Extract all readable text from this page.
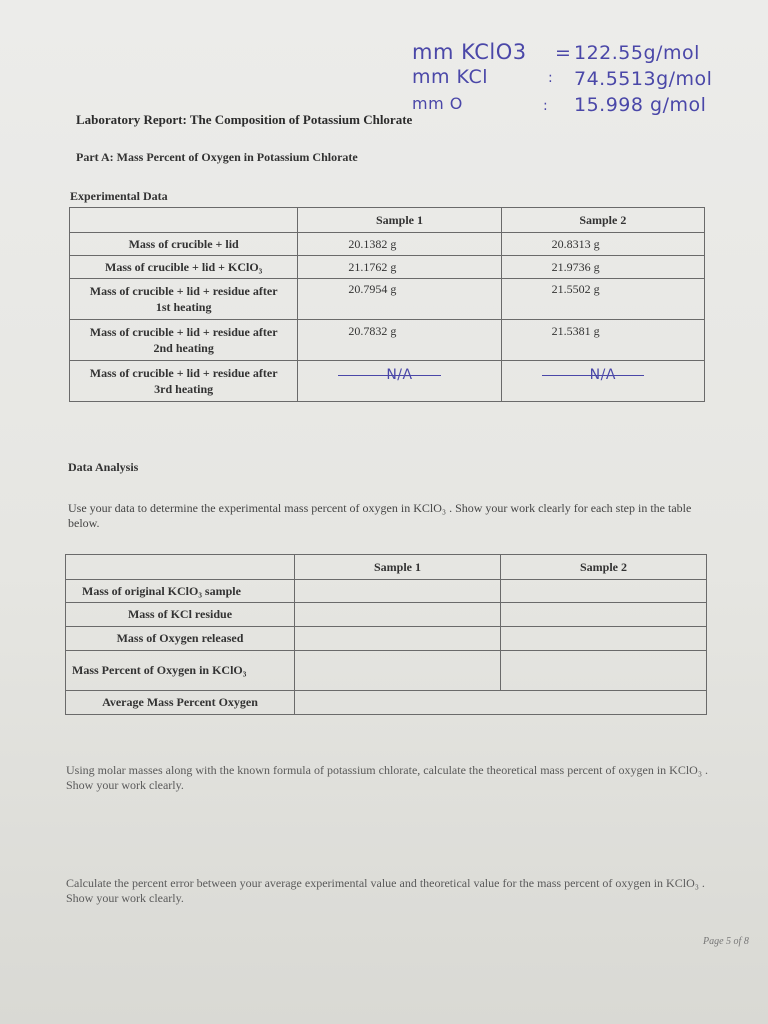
mm KClO3 = 122.55g/mol
mm KCl	: 74.5513g/mol
mm O	: 15.998 g/mol
Laboratory Report: The Composition of Potassium Chlorate
Part A: Mass Percent of Oxygen in Potassium Chlorate
Experimental Data
	Sample 1	Sample 2
Mass of crucible + lid	20.1382 g	20.8313 g
Mass of crucible + lid + KClO₃	21.1762 g	21.9736 g
Mass of crucible + lid + residue after 1st heating	20.7954 g	21.5502 g
Mass of crucible + lid + residue after 2nd heating	20.7832 g	21.5381 g
Mass of crucible + lid + residue after 3rd heating	N/A	N/A
Data Analysis
Use your data to determine the experimental mass percent of oxygen in KClO₃ . Show your work clearly for each step in the table below.
	Sample 1	Sample 2
Mass of original KClO₃ sample		
Mass of KCl residue		
Mass of Oxygen released		
Mass Percent of Oxygen in KClO₃		
Average Mass Percent Oxygen		
Using molar masses along with the known formula of potassium chlorate, calculate the theoretical mass percent of oxygen in KClO₃ . Show your work clearly.
Calculate the percent error between your average experimental value and theoretical value for the mass percent of oxygen in KClO₃ . Show your work clearly.
Page 5 of 8
